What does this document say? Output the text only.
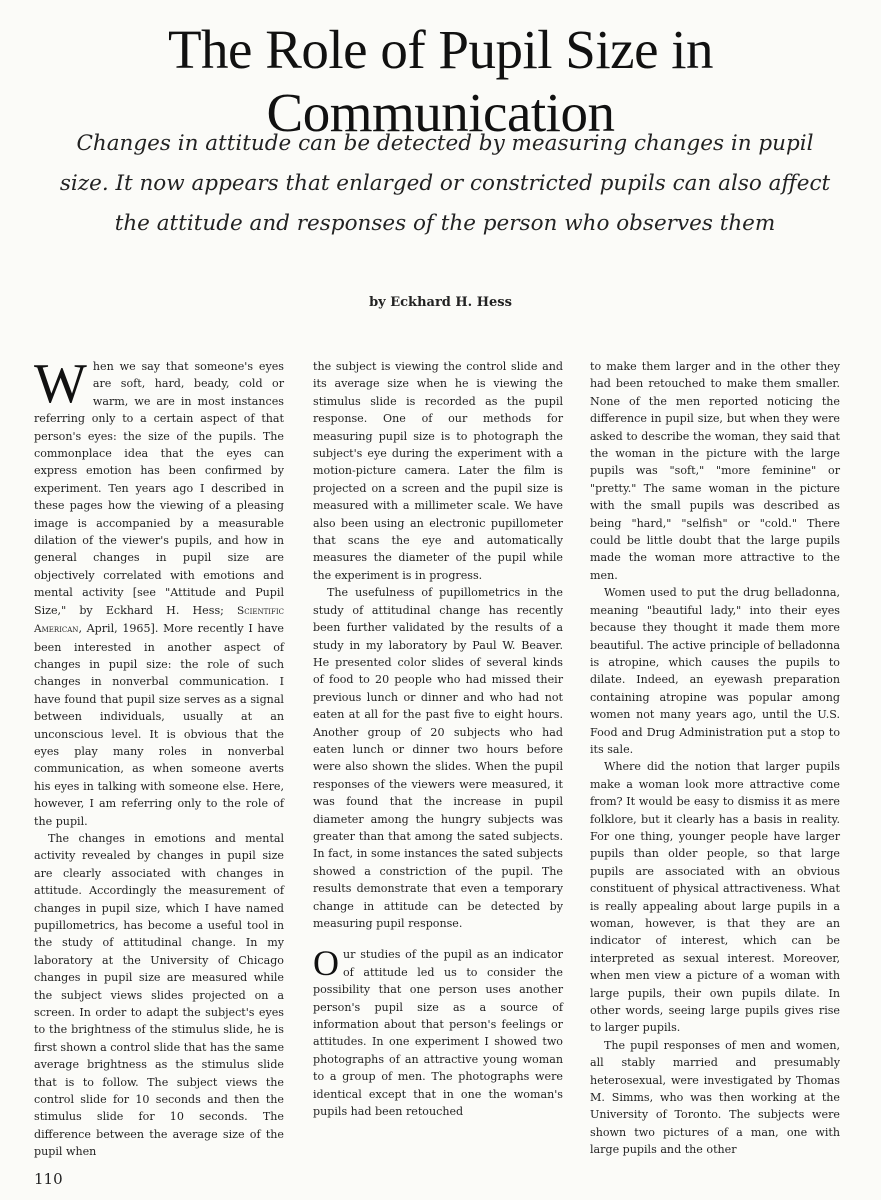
The Role of Pupil Size in Communication

Changes in attitude can be detected by measuring changes in pupil size. It now appears that enlarged or constricted pupils can also affect the attitude and responses of the person who observes them

by Eckhard H. Hess

When we say that someone's eyes are soft, hard, beady, cold or warm, we are in most instances referring only to a certain aspect of that person's eyes: the size of the pupils. The commonplace idea that the eyes can express emotion has been confirmed by experiment. Ten years ago I described in these pages how the viewing of a pleasing image is accompanied by a measurable dilation of the viewer's pupils, and how in general changes in pupil size are objectively correlated with emotions and mental activity [see "Attitude and Pupil Size," by Eckhard H. Hess; Scientific American, April, 1965]. More recently I have been interested in another aspect of changes in pupil size: the role of such changes in nonverbal communication. I have found that pupil size serves as a signal between individuals, usually at an unconscious level. It is obvious that the eyes play many roles in nonverbal communication, as when someone averts his eyes in talking with someone else. Here, however, I am referring only to the role of the pupil.

The changes in emotions and mental activity revealed by changes in pupil size are clearly associated with changes in attitude. Accordingly the measurement of changes in pupil size, which I have named pupillometrics, has become a useful tool in the study of attitudinal change. In my laboratory at the University of Chicago changes in pupil size are measured while the subject views slides projected on a screen. In order to adapt the subject's eyes to the brightness of the stimulus slide, he is first shown a control slide that has the same average brightness as the stimulus slide that is to follow. The subject views the control slide for 10 seconds and then the stimulus slide for 10 seconds. The difference between the average size of the pupil when

the subject is viewing the control slide and its average size when he is viewing the stimulus slide is recorded as the pupil response. One of our methods for measuring pupil size is to photograph the subject's eye during the experiment with a motion-picture camera. Later the film is projected on a screen and the pupil size is measured with a millimeter scale. We have also been using an electronic pupillometer that scans the eye and automatically measures the diameter of the pupil while the experiment is in progress.

The usefulness of pupillometrics in the study of attitudinal change has recently been further validated by the results of a study in my laboratory by Paul W. Beaver. He presented color slides of several kinds of food to 20 people who had missed their previous lunch or dinner and who had not eaten at all for the past five to eight hours. Another group of 20 subjects who had eaten lunch or dinner two hours before were also shown the slides. When the pupil responses of the viewers were measured, it was found that the increase in pupil diameter among the hungry subjects was greater than that among the sated subjects. In fact, in some instances the sated subjects showed a constriction of the pupil. The results demonstrate that even a temporary change in attitude can be detected by measuring pupil response.

Our studies of the pupil as an indicator of attitude led us to consider the possibility that one person uses another person's pupil size as a source of information about that person's feelings or attitudes. In one experiment I showed two photographs of an attractive young woman to a group of men. The photographs were identical except that in one the woman's pupils had been retouched

to make them larger and in the other they had been retouched to make them smaller. None of the men reported noticing the difference in pupil size, but when they were asked to describe the woman, they said that the woman in the picture with the large pupils was "soft," "more feminine" or "pretty." The same woman in the picture with the small pupils was described as being "hard," "selfish" or "cold." There could be little doubt that the large pupils made the woman more attractive to the men.

Women used to put the drug belladonna, meaning "beautiful lady," into their eyes because they thought it made them more beautiful. The active principle of belladonna is atropine, which causes the pupils to dilate. Indeed, an eyewash preparation containing atropine was popular among women not many years ago, until the U.S. Food and Drug Administration put a stop to its sale.

Where did the notion that larger pupils make a woman look more attractive come from? It would be easy to dismiss it as mere folklore, but it clearly has a basis in reality. For one thing, younger people have larger pupils than older people, so that large pupils are associated with an obvious constituent of physical attractiveness. What is really appealing about large pupils in a woman, however, is that they are an indicator of interest, which can be interpreted as sexual interest. Moreover, when men view a picture of a woman with large pupils, their own pupils dilate. In other words, seeing large pupils gives rise to larger pupils.

The pupil responses of men and women, all stably married and presumably heterosexual, were investigated by Thomas M. Simms, who was then working at the University of Toronto. The subjects were shown two pictures of a man, one with large pupils and the other

110
